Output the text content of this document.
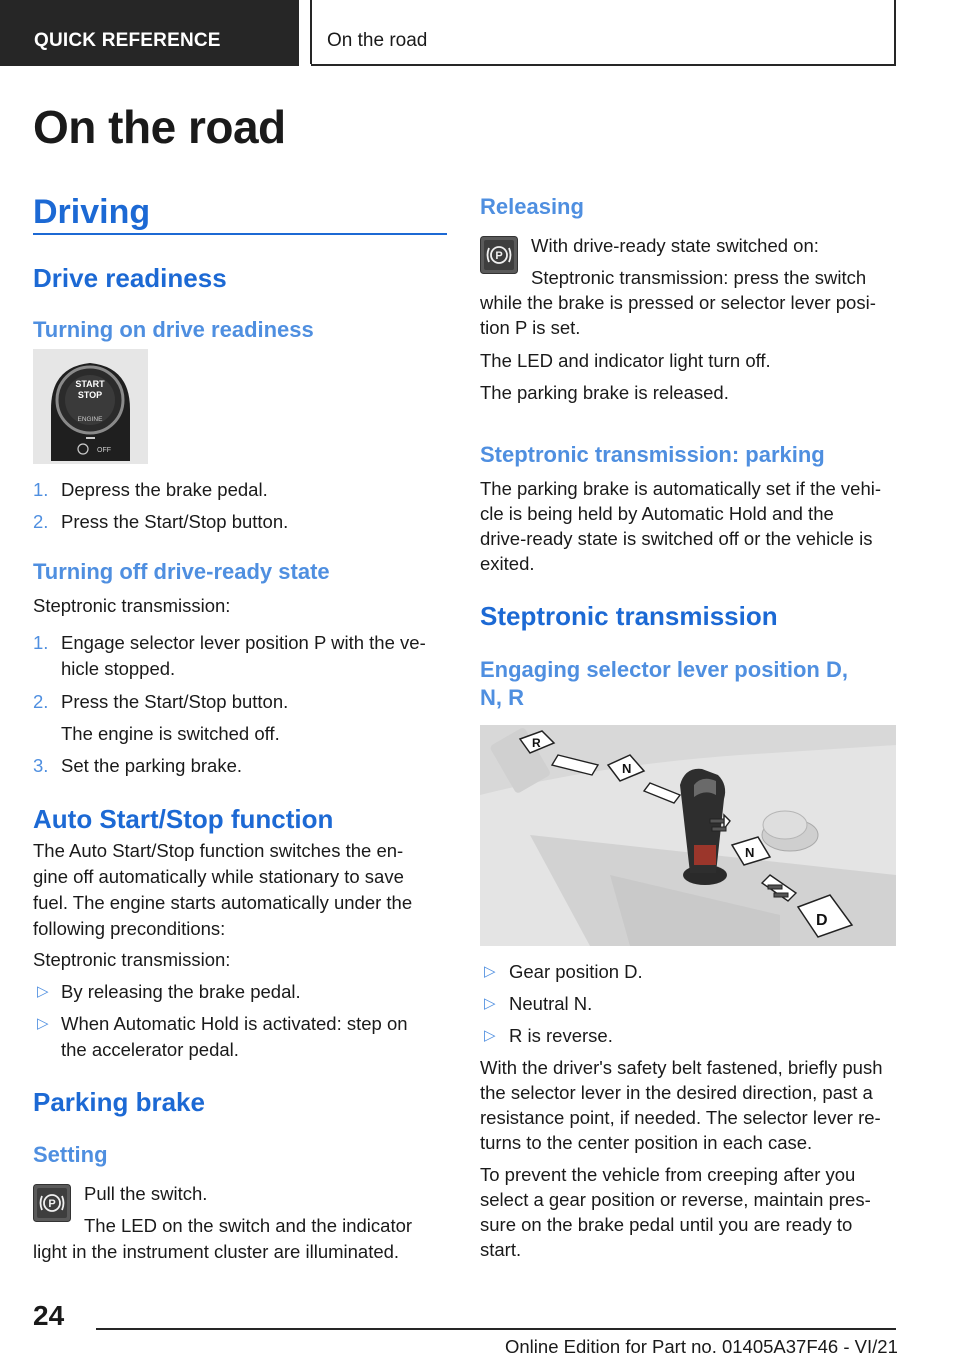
QUICK REFERENCE	On the road
On the road
Driving
Drive readiness
Turning on drive readiness
START
STOP
ENGINE
OFF
1. Depress the brake pedal.
2. Press the Start/Stop button.
Turning off drive-ready state
Steptronic transmission:
1. Engage selector lever position P with the ve-
hicle stopped.
2. Press the Start/Stop button.
The engine is switched off.
3. Set the parking brake.
Auto Start/Stop function
The Auto Start/Stop function switches the en-
gine off automatically while stationary to save
fuel. The engine starts automatically under the
following preconditions:
Steptronic transmission:
▷ By releasing the brake pedal.
▷ When Automatic Hold is activated: step on
the accelerator pedal.
Parking brake
Setting
P Pull the switch.
The LED on the switch and the indicator
light in the instrument cluster are illuminated.
Releasing
P With drive-ready state switched on:
Steptronic transmission: press the switch
while the brake is pressed or selector lever posi-
tion P is set.
The LED and indicator light turn off.
The parking brake is released.
Steptronic transmission: parking
The parking brake is automatically set if the vehi-
cle is being held by Automatic Hold and the
drive-ready state is switched off or the vehicle is
exited.
Steptronic transmission
Engaging selector lever position D,
N, R
R
N
N
D
▷ Gear position D.
▷ Neutral N.
▷ R is reverse.
With the driver's safety belt fastened, briefly push
the selector lever in the desired direction, past a
resistance point, if needed. The selector lever re-
turns to the center position in each case.
To prevent the vehicle from creeping after you
select a gear position or reverse, maintain pres-
sure on the brake pedal until you are ready to
start.
24
Online Edition for Part no. 01405A37F46 - VI/21
